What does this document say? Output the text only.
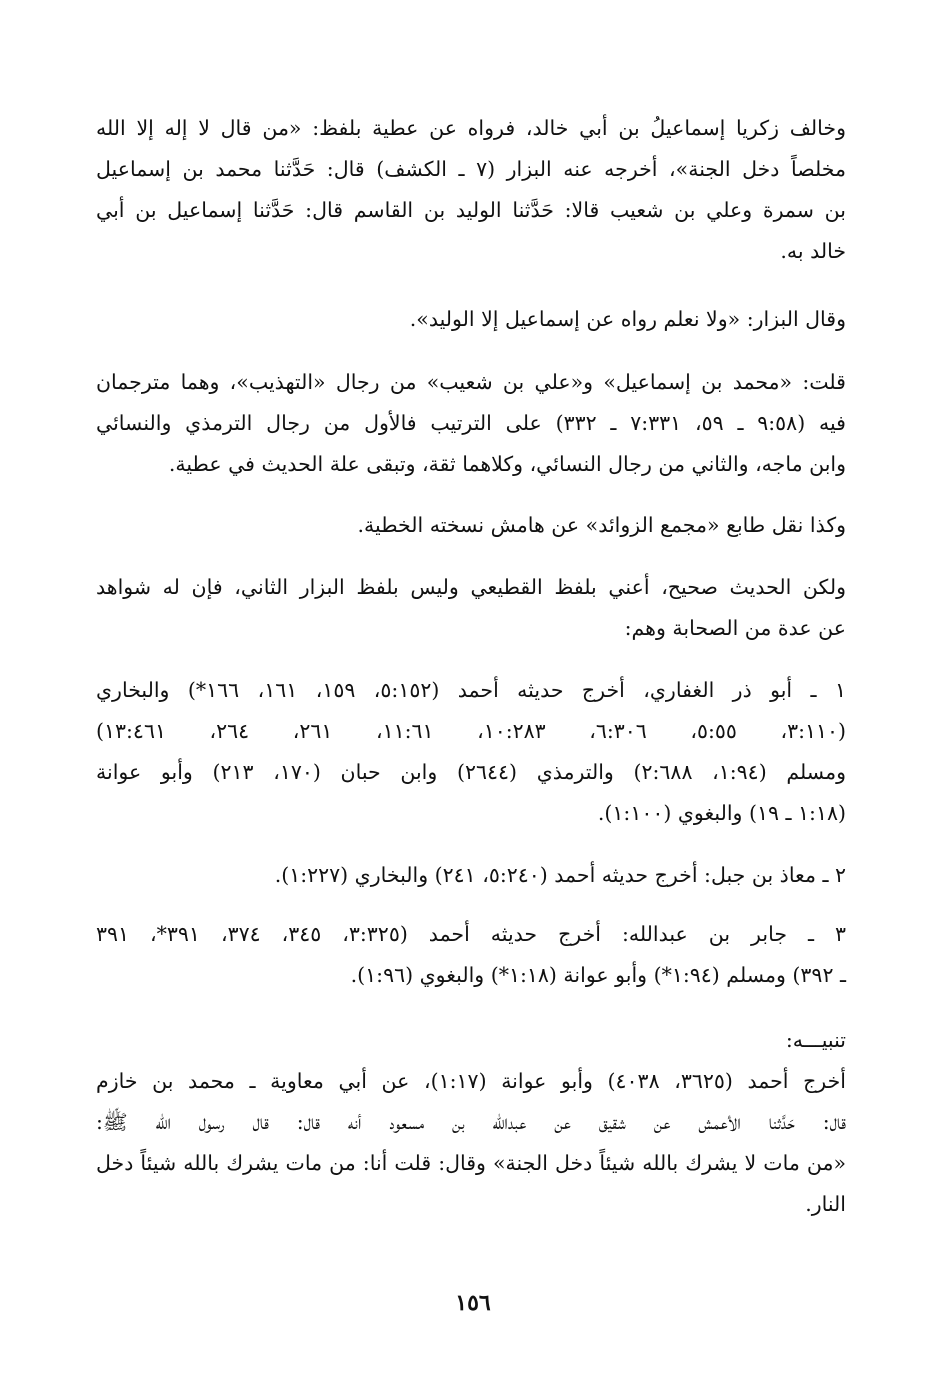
وخالف زكريا إسماعيلُ بن أبي خالد، فرواه عن عطية بلفظ: «من قال لا إله إلا الله
مخلصاً دخل الجنة»، أخرجه عنه البزار (٧ ـ الكشف) قال: حَدَّثنا محمد بن إسماعيل
بن سمرة وعلي بن شعيب قالا: حَدَّثنا الوليد بن القاسم قال: حَدَّثنا إسماعيل بن أبي
خالد به.
وقال البزار: «ولا نعلم رواه عن إسماعيل إلا الوليد».
قلت: «محمد بن إسماعيل» و«علي بن شعيب» من رجال «التهذيب»، وهما مترجمان
فيه (٩:٥٨ ـ ٥٩، ٧:٣٣١ ـ ٣٣٢) على الترتيب فالأول من رجال الترمذي والنسائي
وابن ماجه، والثاني من رجال النسائي، وكلاهما ثقة، وتبقى علة الحديث في عطية.
وكذا نقل طابع «مجمع الزوائد» عن هامش نسخته الخطية.
ولكن الحديث صحيح، أعني بلفظ القطيعي وليس بلفظ البزار الثاني، فإن له شواهد
عن عدة من الصحابة وهم:
١ ـ أبو ذر الغفاري، أخرج حديثه أحمد (٥:١٥٢، ١٥٩، ١٦١، ١٦٦*) والبخاري
(٣:١١٠، ٥:٥٥، ٦:٣٠٦، ١٠:٢٨٣، ١١:٦١، ٢٦١، ٢٦٤، ١٣:٤٦١)
ومسلم (١:٩٤، ٢:٦٨٨) والترمذي (٢٦٤٤) وابن حبان (١٧٠، ٢١٣) وأبو عوانة
(١:١٨ ـ ١٩) والبغوي (١:١٠٠).
٢ ـ معاذ بن جبل: أخرج حديثه أحمد (٥:٢٤٠، ٢٤١) والبخاري (١:٢٢٧).
٣ ـ جابر بن عبدالله: أخرج حديثه أحمد (٣:٣٢٥، ٣٤٥، ٣٧٤، ٣٩١*، ٣٩١
ـ ٣٩٢) ومسلم (١:٩٤*) وأبو عوانة (١:١٨*) والبغوي (١:٩٦).
تنبيـــه:
أخرج أحمد (٣٦٢٥، ٤٠٣٨) وأبو عوانة (١:١٧)، عن أبي معاوية ـ محمد بن خازم
قال: حَدَّثنا الأعمش عن شقيق عن عبدالله بن مسعود أنه قال: قال رسول الله ﷺ:
«من مات لا يشرك بالله شيئاً دخل الجنة» وقال: قلت أنا: من مات يشرك بالله شيئاً دخل
النار.
١٥٦
